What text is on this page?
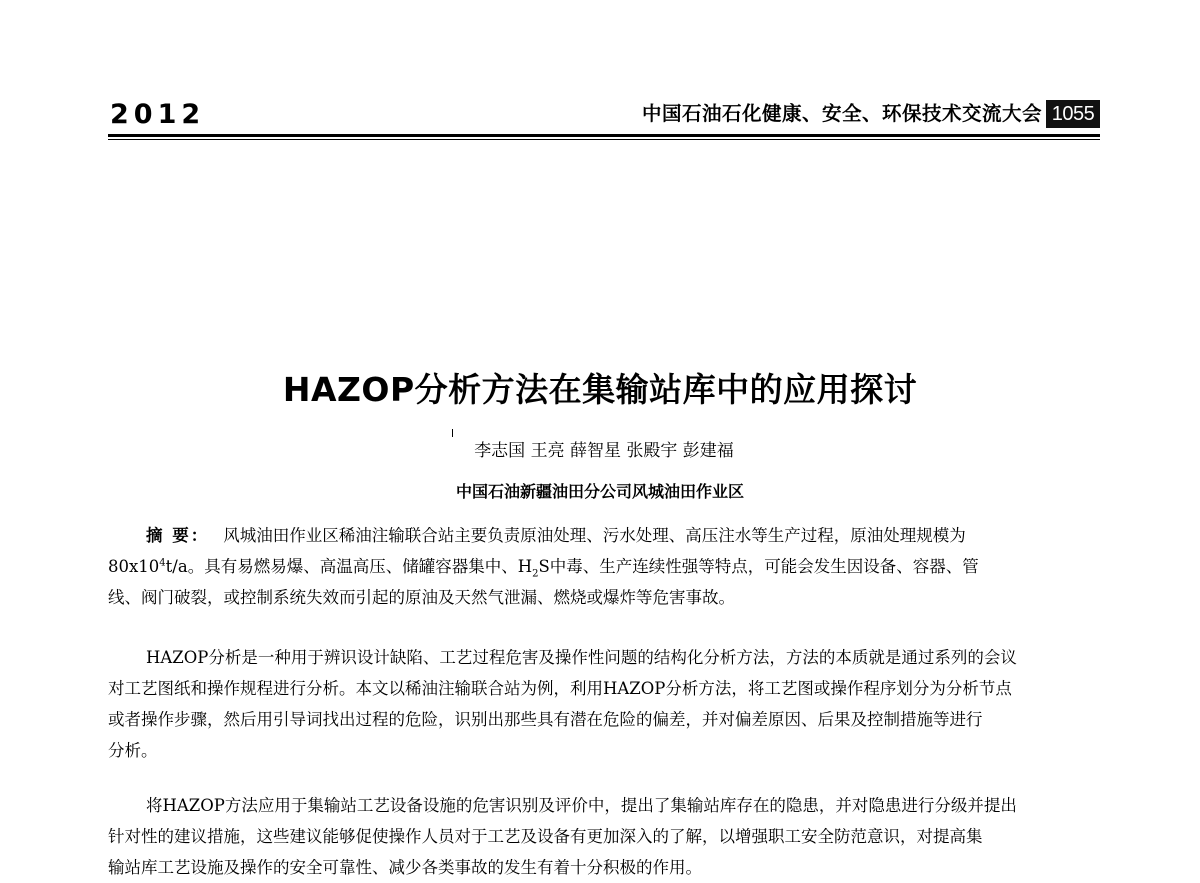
2012	中国石油石化健康、安全、环保技术交流大会 1055
HAZOP分析方法在集输站库中的应用探讨
李志国 王亮 薛智星 张殿宇 彭建福
中国石油新疆油田分公司风城油田作业区
摘 要： 风城油田作业区稀油注输联合站主要负责原油处理、污水处理、高压注水等生产过程，原油处理规模为
$80x10^4t/a$。具有易燃易爆、高温高压、储罐容器集中、$H_2S$中毒、生产连续性强等特点，可能会发生因设备、容器、管
线、阀门破裂，或控制系统失效而引起的原油及天然气泄漏、燃烧或爆炸等危害事故。
HAZOP分析是一种用于辨识设计缺陷、工艺过程危害及操作性问题的结构化分析方法，方法的本质就是通过系列的会议
对工艺图纸和操作规程进行分析。本文以稀油注输联合站为例，利用HAZOP分析方法，将工艺图或操作程序划分为分析节点
或者操作步骤，然后用引导词找出过程的危险，识别出那些具有潜在危险的偏差，并对偏差原因、后果及控制措施等进行
分析。
将HAZOP方法应用于集输站工艺设备设施的危害识别及评价中，提出了集输站库存在的隐患，并对隐患进行分级并提出
针对性的建议措施，这些建议能够促使操作人员对于工艺及设备有更加深入的了解，以增强职工安全防范意识，对提高集
输站库工艺设施及操作的安全可靠性、减少各类事故的发生有着十分积极的作用。
